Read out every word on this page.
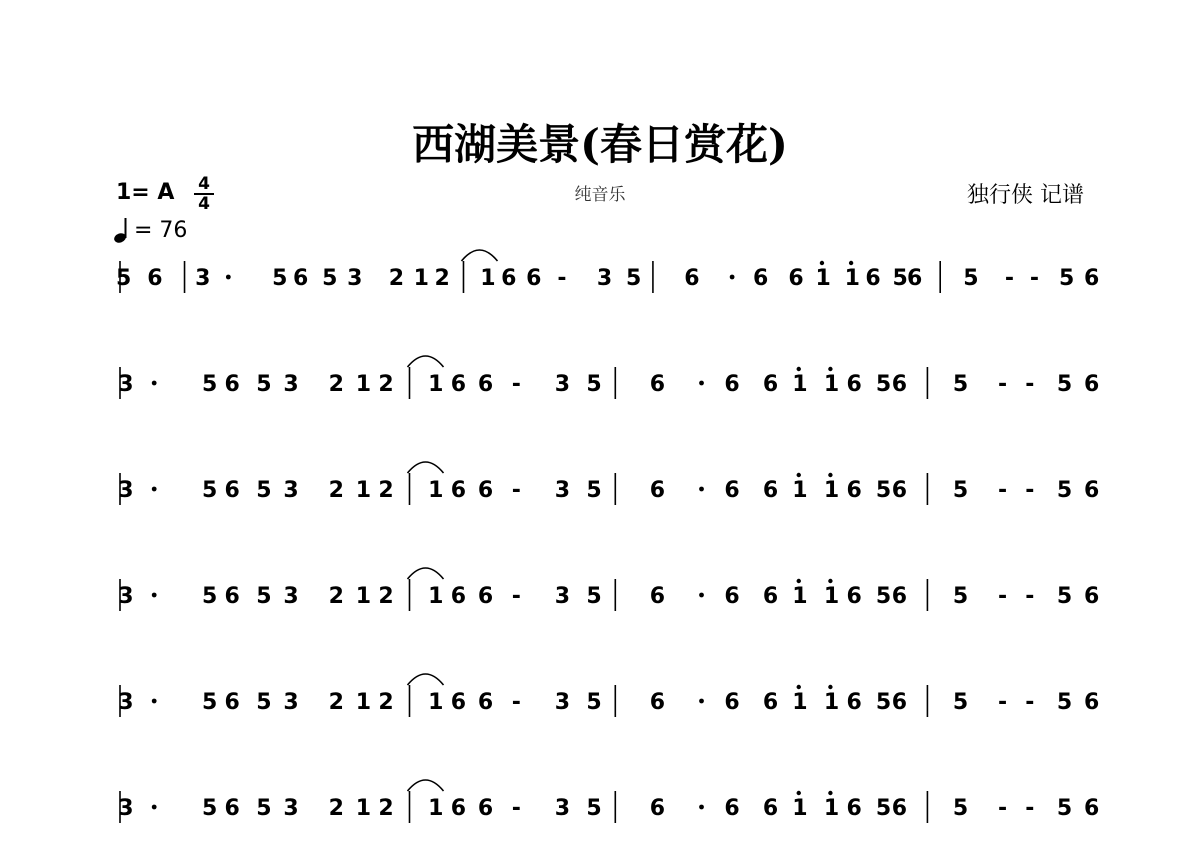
西湖美景(春日赏花)
纯音乐	独行侠 记谱
1= A 4
4
= 76
5 6 3	5 6 5 3 2 1 2 1 6 6 - 3 5 6 6 6 1 1 6 5 6 5 - - 5 6
3	5 6 5 3 2 1 2 1 6 6 - 3 5 6	6 6 1 1 6 5 6 5 - - 5 6
3	5 6 5 3 2 1 2 1 6 6 - 3 5 6	6 6 1 1 6 5 6 5 - - 5 6
3	5 6 5 3 2 1 2 1 6 6 - 3 5 6	6 6 1 1 6 5 6 5 - - 5 6
3	5 6 5 3 2 1 2 1 6 6 - 3 5 6	6 6 1 1 6 5 6 5 - - 5 6
3	5 6 5 3 2 1 2 1 6 6 - 3 5 6	6 6 1 1 6 5 6 5 - - 5 6
